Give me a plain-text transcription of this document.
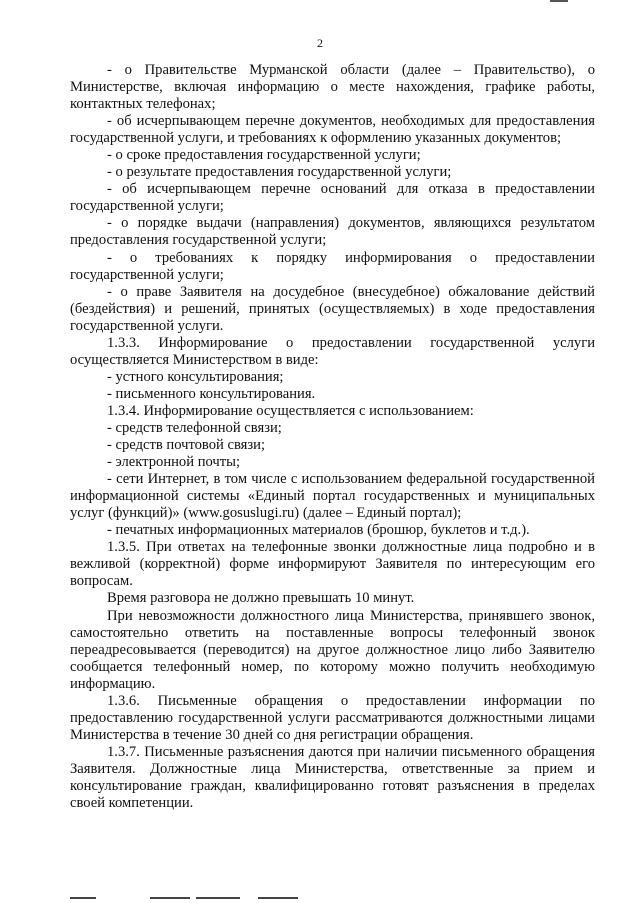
2

- о Правительстве Мурманской области (далее – Правительство), о Министерстве, включая информацию о месте нахождения, графике работы, контактных телефонах;

- об исчерпывающем перечне документов, необходимых для предоставления государственной услуги, и требованиях к оформлению указанных документов;

- о сроке предоставления государственной услуги;

- о результате предоставления государственной услуги;

- об исчерпывающем перечне оснований для отказа в предоставлении государственной услуги;

- о порядке выдачи (направления) документов, являющихся результатом предоставления государственной услуги;

- о требованиях к порядку информирования о предоставлении государственной услуги;

- о праве Заявителя на досудебное (внесудебное) обжалование действий (бездействия) и решений, принятых (осуществляемых) в ходе предоставления государственной услуги.

1.3.3. Информирование о предоставлении государственной услуги осуществляется Министерством в виде:

- устного консультирования;

- письменного консультирования.

1.3.4. Информирование осуществляется с использованием:

- средств телефонной связи;

- средств почтовой связи;

- электронной почты;

- сети Интернет, в том числе с использованием федеральной государственной информационной системы «Единый портал государственных и муниципальных услуг (функций)» (www.gosuslugi.ru) (далее – Единый портал);

- печатных информационных материалов (брошюр, буклетов и т.д.).

1.3.5. При ответах на телефонные звонки должностные лица подробно и в вежливой (корректной) форме информируют Заявителя по интересующим его вопросам.

Время разговора не должно превышать 10 минут.

При невозможности должностного лица Министерства, принявшего звонок, самостоятельно ответить на поставленные вопросы телефонный звонок переадресовывается (переводится) на другое должностное лицо либо Заявителю сообщается телефонный номер, по которому можно получить необходимую информацию.

1.3.6. Письменные обращения о предоставлении информации по предоставлению государственной услуги рассматриваются должностными лицами Министерства в течение 30 дней со дня регистрации обращения.

1.3.7. Письменные разъяснения даются при наличии письменного обращения Заявителя. Должностные лица Министерства, ответственные за прием и консультирование граждан, квалифицированно готовят разъяснения в пределах своей компетенции.
